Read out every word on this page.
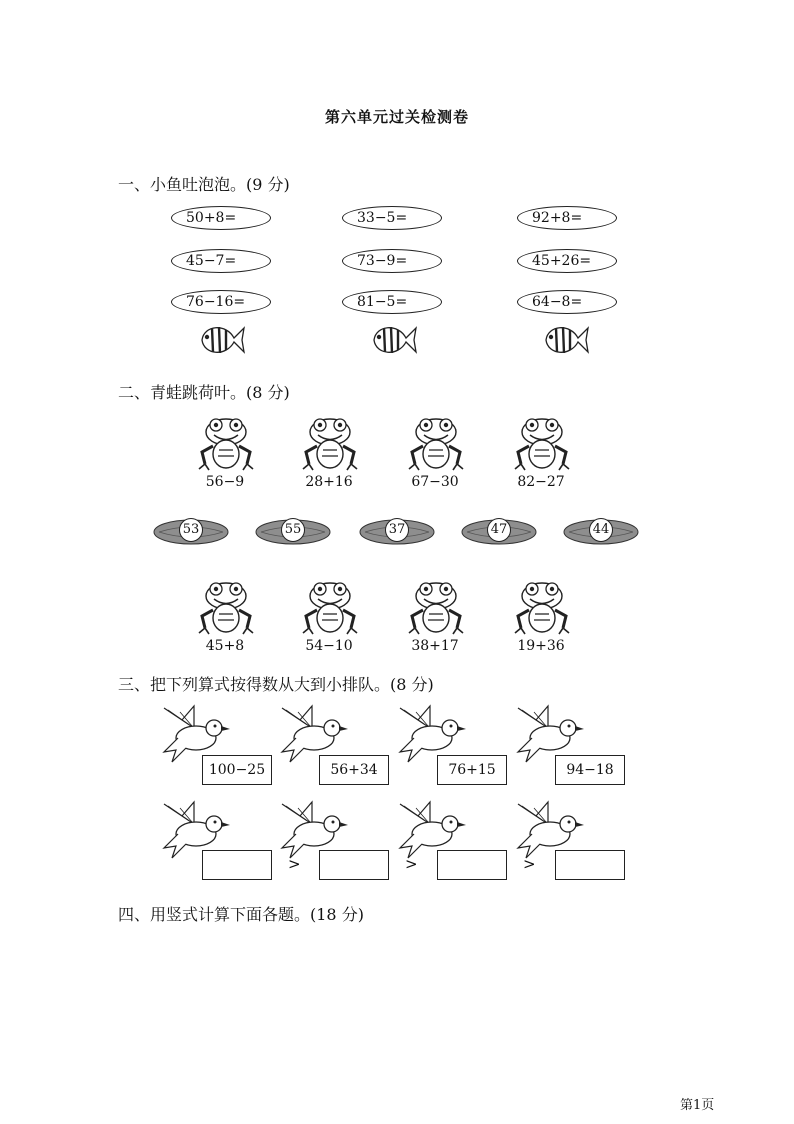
第六单元过关检测卷
一、小鱼吐泡泡。(9 分)
50+8=	33−5=	92+8=
45−7=	73−9=	45+26=
76−16=	81−5=	64−8=
二、青蛙跳荷叶。(8 分)
56−9	28+16	67−30	82−27
53	55	37	47	44
45+8	54−10	38+17	19+36
三、把下列算式按得数从大到小排队。(8 分)
100−25	56+34	76+15	94−18
>	>	>
四、用竖式计算下面各题。(18 分)
第1页
